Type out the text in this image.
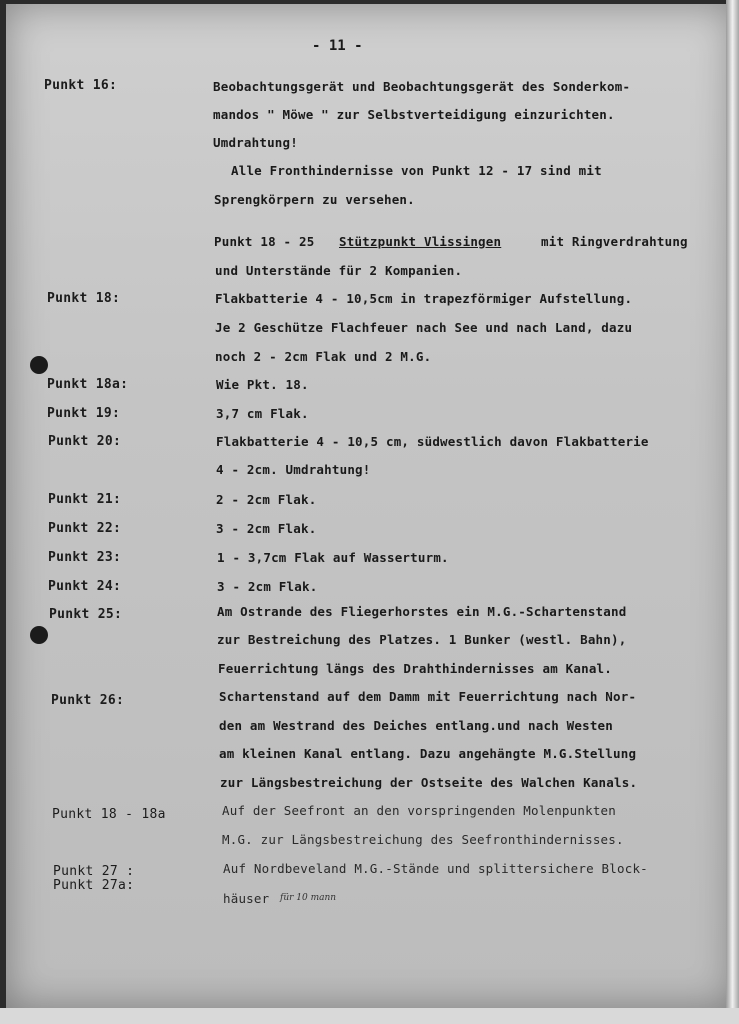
- 11 -
Punkt 16:
Punkt 18:
Punkt 18a:
Punkt 19:
Punkt 20:
Punkt 21:
Punkt 22:
Punkt 23:
Punkt 24:
Punkt 25:
Punkt 26:
Punkt 18 - 18a
Punkt 27 :
Punkt 27a:
Beobachtungsgerät und Beobachtungsgerät des Sonderkom-
mandos " Möwe " zur Selbstverteidigung einzurichten.
Umdrahtung!
Alle Fronthindernisse von Punkt 12 - 17 sind mit
Sprengkörpern zu versehen.
Punkt 18 - 25 Stützpunkt Vlissingen	mit Ringverdrahtung
und Unterstände für 2 Kompanien.
Flakbatterie 4 - 10,5cm in trapezförmiger Aufstellung.
Je 2 Geschütze Flachfeuer nach See und nach Land, dazu
noch 2 - 2cm Flak und 2 M.G.
Wie Pkt. 18.
3,7 cm Flak.
Flakbatterie 4 - 10,5 cm, südwestlich davon Flakbatterie
4 - 2cm. Umdrahtung!
2 - 2cm Flak.
3 - 2cm Flak.
1 - 3,7cm Flak auf Wasserturm.
3 - 2cm Flak.
Am Ostrande des Fliegerhorstes ein M.G.-Schartenstand
zur Bestreichung des Platzes. 1 Bunker (westl. Bahn),
Feuerrichtung längs des Drahthindernisses am Kanal.
Schartenstand auf dem Damm mit Feuerrichtung nach Nor-
den am Westrand des Deiches entlang.und nach Westen
am kleinen Kanal entlang. Dazu angehängte M.G.Stellung
zur Längsbestreichung der Ostseite des Walchen Kanals.
Auf der Seefront an den vorspringenden Molenpunkten
M.G. zur Längsbestreichung des Seefronthindernisses.
Auf Nordbeveland M.G.-Stände und splittersichere Block-
häuser für 10 mann
